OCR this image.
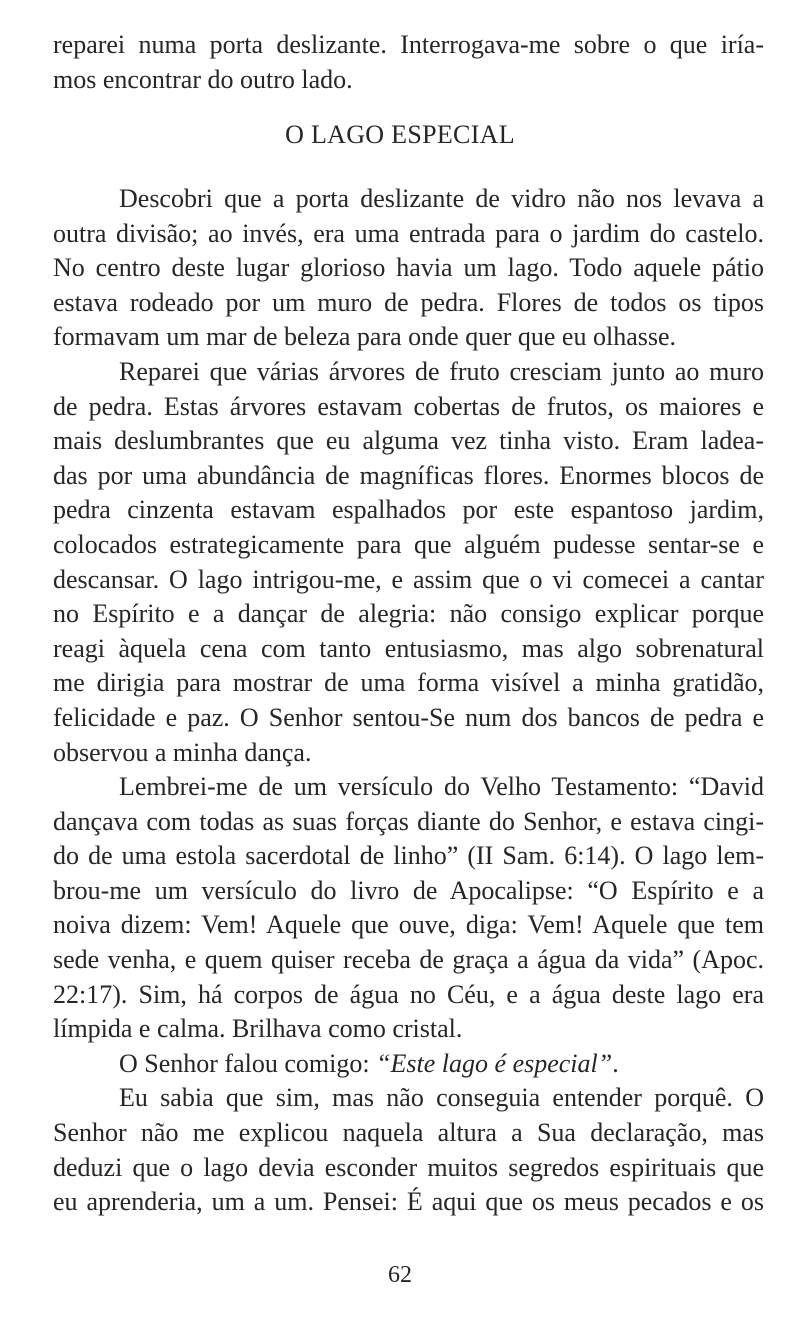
reparei numa porta deslizante. Interrogava-me sobre o que iría-
mos encontrar do outro lado.
O LAGO ESPECIAL
Descobri que a porta deslizante de vidro não nos levava a
outra divisão; ao invés, era uma entrada para o jardim do castelo.
No centro deste lugar glorioso havia um lago. Todo aquele pátio
estava rodeado por um muro de pedra. Flores de todos os tipos
formavam um mar de beleza para onde quer que eu olhasse.
Reparei que várias árvores de fruto cresciam junto ao muro
de pedra. Estas árvores estavam cobertas de frutos, os maiores e
mais deslumbrantes que eu alguma vez tinha visto. Eram ladea-
das por uma abundância de magníficas flores. Enormes blocos de
pedra cinzenta estavam espalhados por este espantoso jardim,
colocados estrategicamente para que alguém pudesse sentar-se e
descansar. O lago intrigou-me, e assim que o vi comecei a cantar
no Espírito e a dançar de alegria: não consigo explicar porque
reagi àquela cena com tanto entusiasmo, mas algo sobrenatural
me dirigia para mostrar de uma forma visível a minha gratidão,
felicidade e paz. O Senhor sentou-Se num dos bancos de pedra e
observou a minha dança.
Lembrei-me de um versículo do Velho Testamento: “David
dançava com todas as suas forças diante do Senhor, e estava cingi-
do de uma estola sacerdotal de linho” (II Sam. 6:14). O lago lem-
brou-me um versículo do livro de Apocalipse: “O Espírito e a
noiva dizem: Vem! Aquele que ouve, diga: Vem! Aquele que tem
sede venha, e quem quiser receba de graça a água da vida” (Apoc.
22:17). Sim, há corpos de água no Céu, e a água deste lago era
límpida e calma. Brilhava como cristal.
O Senhor falou comigo: “Este lago é especial”.
Eu sabia que sim, mas não conseguia entender porquê. O
Senhor não me explicou naquela altura a Sua declaração, mas
deduzi que o lago devia esconder muitos segredos espirituais que
eu aprenderia, um a um. Pensei: É aqui que os meus pecados e os
62
